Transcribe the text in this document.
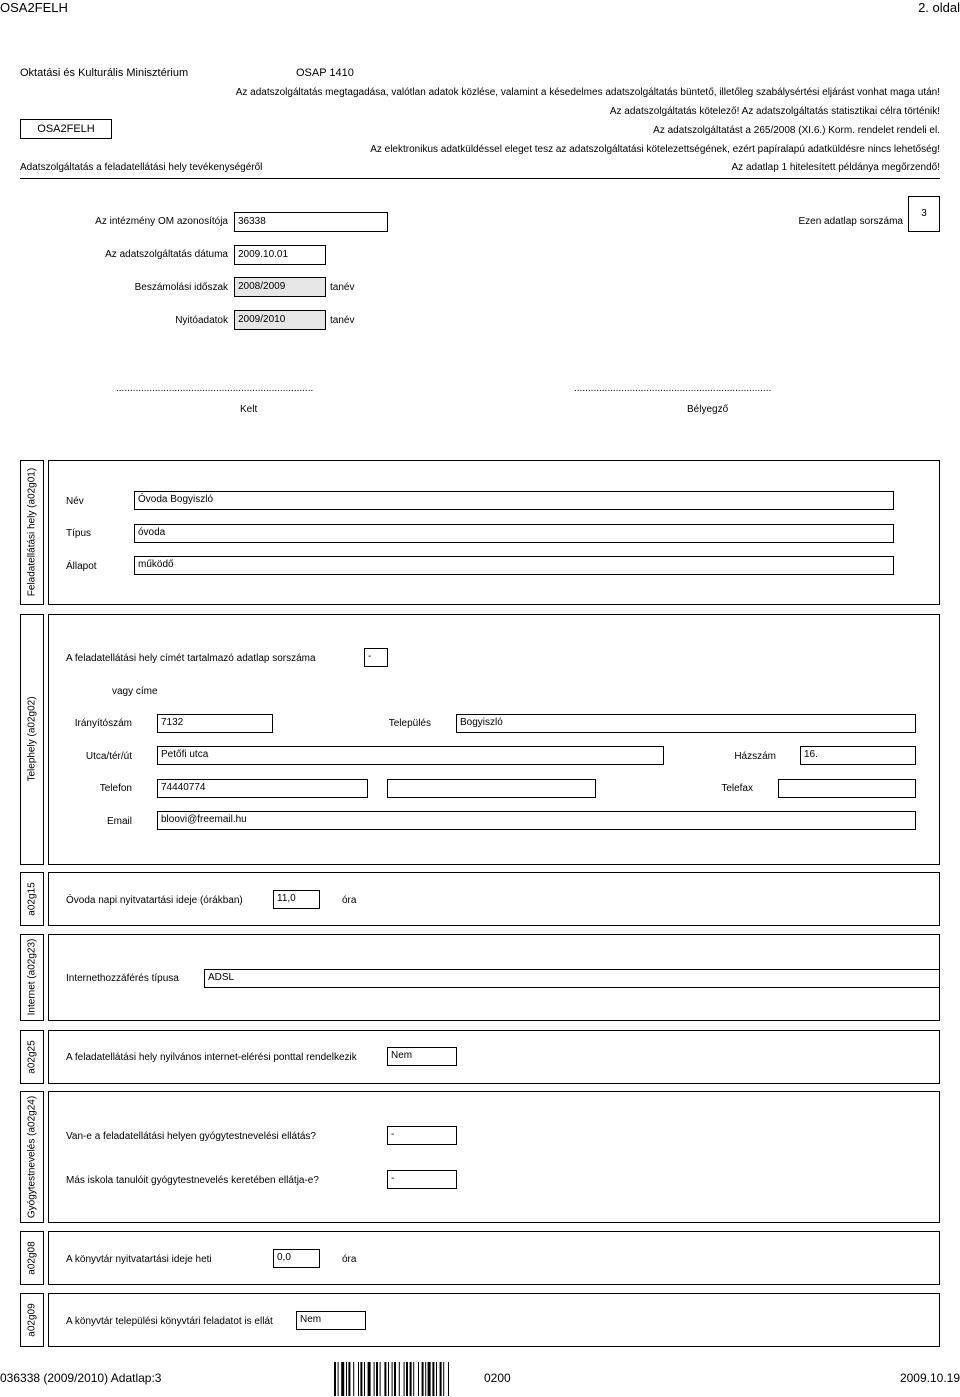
OSA2FELH	2. oldal
Oktatási és Kulturális Minisztérium	OSAP 1410
Az adatszolgáltatás megtagadása, valótlan adatok közlése, valamint a késedelmes adatszolgáltatás büntető, illetőleg szabálysértési eljárást vonhat maga után!
Az adatszolgáltatás kötelező! Az adatszolgáltatás statisztikai célra történik!
OSA2FELH	Az adatszolgáltatást a 265/2008 (XI.6.) Korm. rendelet rendeli el.
Az elektronikus adatküldéssel eleget tesz az adatszolgáltatási kötelezettségének, ezért papíralapú adatküldésre nincs lehetőség!
Adatszolgáltatás a feladatellátási hely tevékenységéről	Az adatlap 1 hitelesített példánya megőrzendő!
Az intézmény OM azonosítója	36338	Ezen adatlap sorszáma
3
Az adatszolgáltatás dátuma	2009.10.01
Beszámolási időszak	2008/2009	tanév
Nyitóadatok	2009/2010	tanév
.......................................................................
Kelt
.......................................................................
Bélyegző
Feladatellátási hely (a02g01)	Név	Óvoda Bogyiszló
Típus	óvoda
Állapot	működő
Telephely (a02g02)
A feladatellátási hely címét tartalmazó adatlap sorszáma	-
vagy címe
Irányítószám	7132	Település	Bogyiszló
Utca/tér/út	Petőfi utca	Házszám	16.
Telefon	74440774	Telefax
Email	bloovi@freemail.hu
a02g15	Óvoda napi nyitvatartási ideje (órákban)	11,0	óra
Internet (a02g23)	Internethozzáférés típusa	ADSL
a02g25	A feladatellátási hely nyilvános internet-elérési ponttal rendelkezik	Nem
Gyógytestnevelés (a02g24)	Van-e a feladatellátási helyen gyógytestnevelési ellátás?	-
Más iskola tanulóit gyógytestnevelés keretében ellátja-e?	-
a02g08	A könyvtár nyitvatartási ideje heti	0,0	óra
a02g09	A könyvtár települési könyvtári feladatot is ellát	Nem
036338 (2009/2010) Adatlap:3	0200	2009.10.19
